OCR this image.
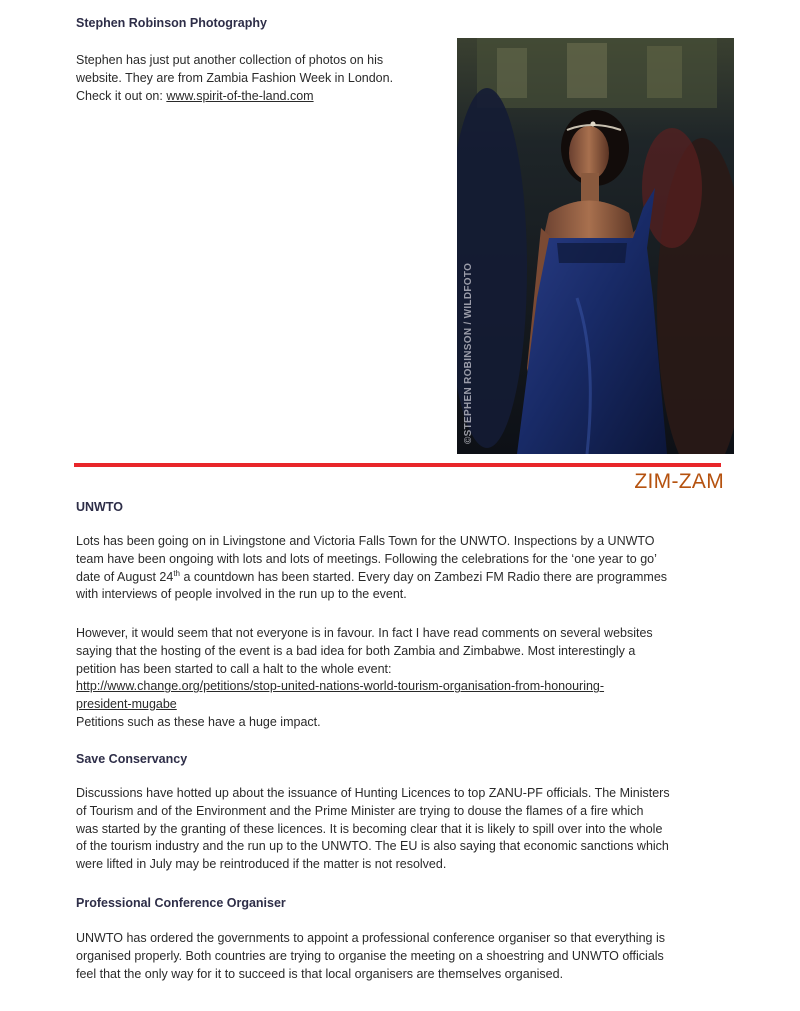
Stephen Robinson Photography
Stephen has just put another collection of photos on his
website. They are from Zambia Fashion Week in London.
Check it out on: www.spirit-of-the-land.com
©STEPHEN ROBINSON / WILDFOTO
ZIM-ZAM
UNWTO
Lots has been going on in Livingstone and Victoria Falls Town for the UNWTO. Inspections by a UNWTO
team have been ongoing with lots and lots of meetings. Following the celebrations for the ‘one year to go’
date of August 24th a countdown has been started. Every day on Zambezi FM Radio there are programmes
with interviews of people involved in the run up to the event.
However, it would seem that not everyone is in favour. In fact I have read comments on several websites
saying that the hosting of the event is a bad idea for both Zambia and Zimbabwe. Most interestingly a
petition has been started to call a halt to the whole event:
http://www.change.org/petitions/stop-united-nations-world-tourism-organisation-from-honouring-
president-mugabe
Petitions such as these have a huge impact.
Save Conservancy
Discussions have hotted up about the issuance of Hunting Licences to top ZANU-PF officials. The Ministers
of Tourism and of the Environment and the Prime Minister are trying to douse the flames of a fire which
was started by the granting of these licences. It is becoming clear that it is likely to spill over into the whole
of the tourism industry and the run up to the UNWTO. The EU is also saying that economic sanctions which
were lifted in July may be reintroduced if the matter is not resolved.
Professional Conference Organiser
UNWTO has ordered the governments to appoint a professional conference organiser so that everything is
organised properly. Both countries are trying to organise the meeting on a shoestring and UNWTO officials
feel that the only way for it to succeed is that local organisers are themselves organised.
